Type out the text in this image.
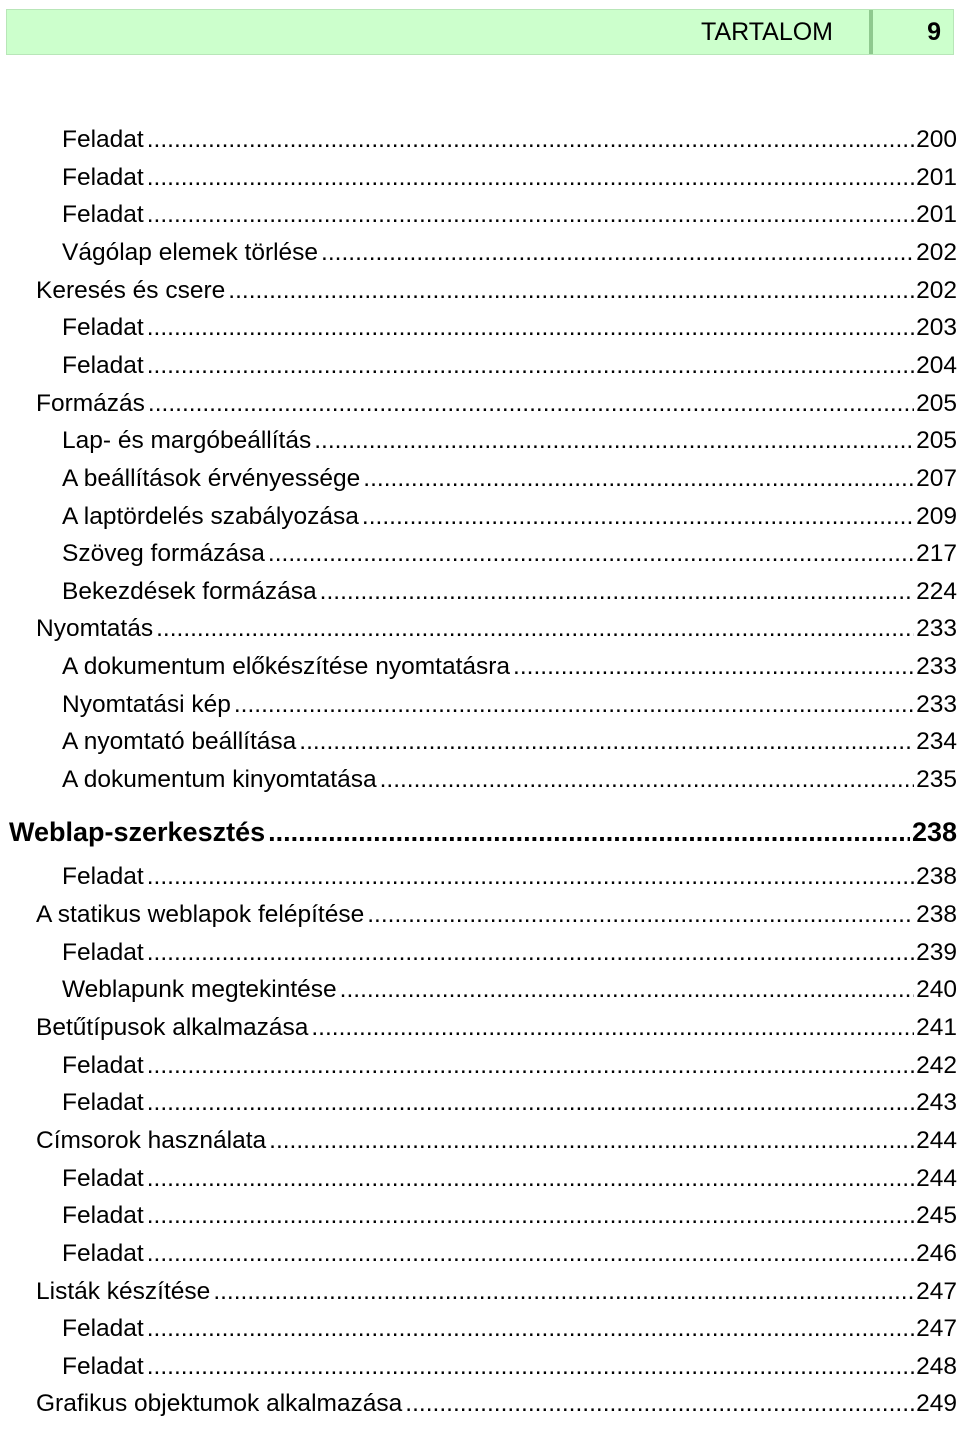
TARTALOM	9
Feladat .....	200
Feladat .....	201
Feladat .....	201
Vágólap elemek törlése .....	202
Keresés és csere .....	202
Feladat .....	203
Feladat .....	204
Formázás .....	205
Lap- és margóbeállítás .....	205
A beállítások érvényessége .....	207
A laptördelés szabályozása .....	209
Szöveg formázása .....	217
Bekezdések formázása .....	224
Nyomtatás .....	233
A dokumentum előkészítése nyomtatásra .....	233
Nyomtatási kép .....	233
A nyomtató beállítása .....	234
A dokumentum kinyomtatása .....	235
Weblap-szerkesztés .....	238
Feladat .....	238
A statikus weblapok felépítése .....	238
Feladat .....	239
Weblapunk megtekintése .....	240
Betűtípusok alkalmazása .....	241
Feladat .....	242
Feladat .....	243
Címsorok használata .....	244
Feladat .....	244
Feladat .....	245
Feladat .....	246
Listák készítése .....	247
Feladat .....	247
Feladat .....	248
Grafikus objektumok alkalmazása .....	249
